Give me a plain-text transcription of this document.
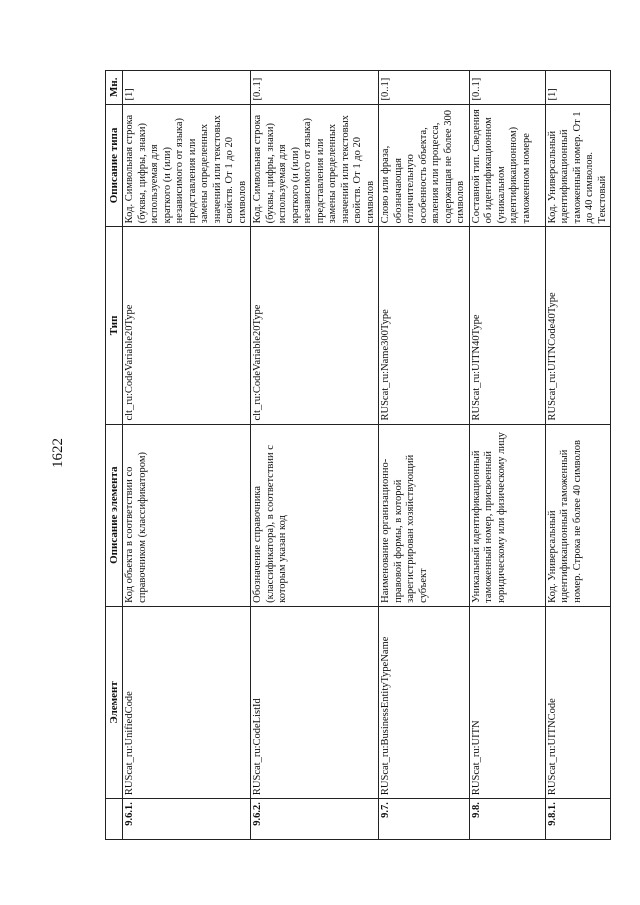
1622
	Элемент	Описание элемента	Тип	Описание типа	Мн.
9.6.1.	RUScat_ru:UnifiedCode	Код объекта в соответствии со справочником (классификатором)	clt_ru:CodeVariable20Type	Код. Символьная строка (буквы, цифры, знаки) используемая для краткого (и (или) независимого от языка) представления или замены определенных значений или текстовых свойств. От 1 до 20 символов	[1]
9.6.2.	RUScat_ru:CodeListId	Обозначение справочника (классификатора), в соответствии с которым указан код	clt_ru:CodeVariable20Type	Код. Символьная строка (буквы, цифры, знаки) используемая для краткого (и (или) независимого от языка) представления или замены определенных значений или текстовых свойств. От 1 до 20 символов	[0..1]
9.7.	RUScat_ru:BusinessEntityTypeName	Наименование организационно-правовой формы, в которой зарегистрирован хозяйствующий субъект	RUScat_ru:Name300Type	Слово или фраза, обозначающая отличительную особенность объекта, явления или процесса, содержащая не более 300 символов	[0..1]
9.8.	RUScat_ru:UITN	Уникальный идентификационный таможенный номер, присвоенный юридическому или физическому лицу	RUScat_ru:UITN40Type	Составной тип. Сведения об идентификационном (уникальном идентификационном) таможенном номере	[0..1]
9.8.1.	RUScat_ru:UITNCode	Код. Универсальный идентификационный таможенный номер. Строка не более 40 символов	RUScat_ru:UITNCode40Type	Код. Универсальный идентификационный таможенный номер. От 1 до 40 символов. Текстовый	[1]
